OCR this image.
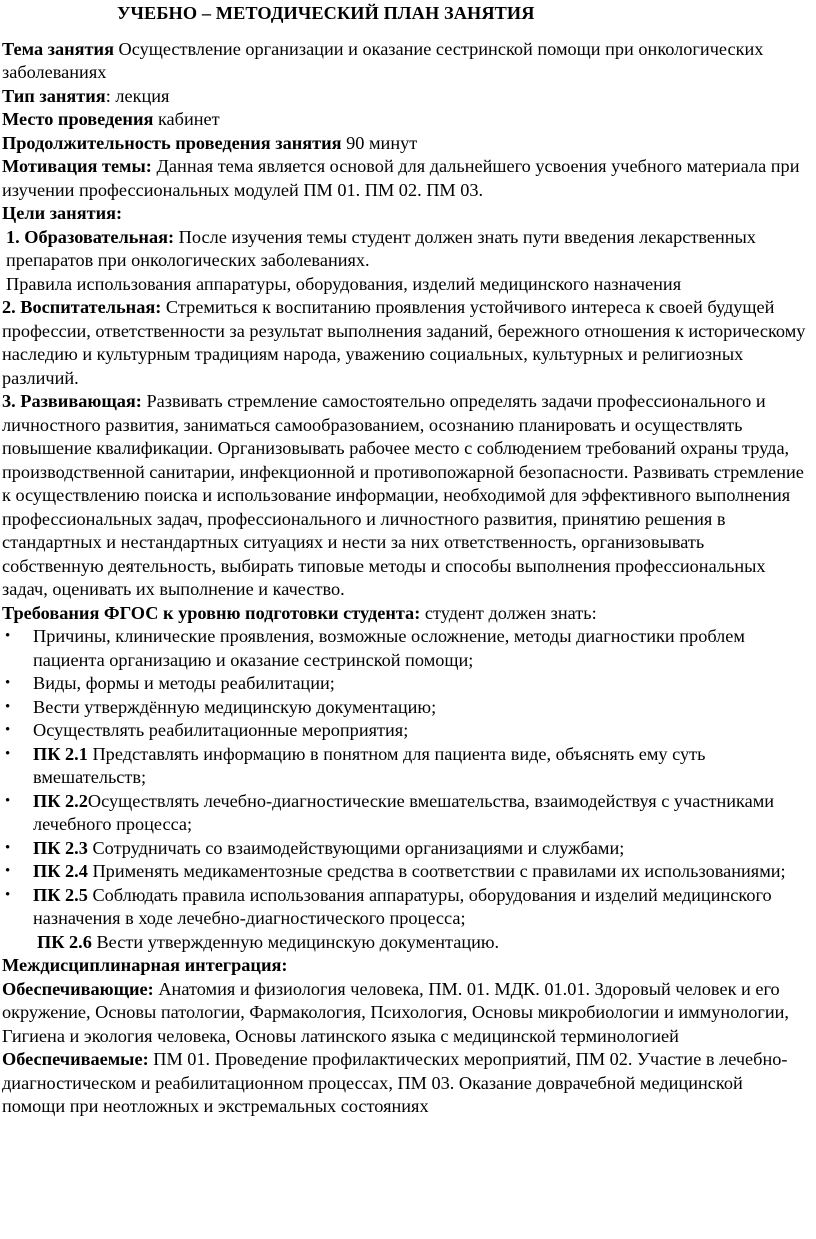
УЧЕБНО – МЕТОДИЧЕСКИЙ ПЛАН ЗАНЯТИЯ

Тема занятия Осуществление организации и оказание сестринской помощи при онкологических заболеваниях

Тип занятия: лекция

Место проведения кабинет

Продолжительность проведения занятия 90 минут

Мотивация темы: Данная тема является основой для дальнейшего усвоения учебного материала при изучении профессиональных модулей ПМ 01. ПМ 02. ПМ 03.

Цели занятия:

1. Образовательная: После изучения темы студент должен знать пути введения лекарственных препаратов при онкологических заболеваниях.

Правила использования аппаратуры, оборудования, изделий медицинского назначения

2. Воспитательная: Стремиться к воспитанию проявления устойчивого интереса к своей будущей профессии, ответственности за результат выполнения заданий, бережного отношения к историческому наследию и культурным традициям народа, уважению социальных, культурных и религиозных различий.

3. Развивающая: Развивать стремление самостоятельно определять задачи профессионального и личностного развития, заниматься самообразованием, осознанию планировать и осуществлять повышение квалификации. Организовывать рабочее место с соблюдением требований охраны труда, производственной санитарии, инфекционной и противопожарной безопасности. Развивать стремление к осуществлению поиска и использование информации, необходимой для эффективного выполнения профессиональных задач, профессионального и личностного развития, принятию решения в стандартных и нестандартных ситуациях и нести за них ответственность, организовывать собственную деятельность, выбирать типовые методы и способы выполнения профессиональных задач, оценивать их выполнение и качество.

Требования ФГОС к уровню подготовки студента: студент должен знать:

• Причины, клинические проявления, возможные осложнение, методы диагностики проблем пациента организацию и оказание сестринской помощи;
• Виды, формы и методы реабилитации;
• Вести утверждённую медицинскую документацию;
• Осуществлять реабилитационные мероприятия;
• ПК 2.1 Представлять информацию в понятном для пациента виде, объяснять ему суть вмешательств;
• ПК 2.2Осуществлять лечебно-диагностические вмешательства, взаимодействуя с участниками лечебного процесса;
• ПК 2.3 Сотрудничать со взаимодействующими организациями и службами;
• ПК 2.4 Применять медикаментозные средства в соответствии с правилами их использованиями;
• ПК 2.5 Соблюдать правила использования аппаратуры, оборудования и изделий медицинского назначения в ходе лечебно-диагностического процесса;

ПК 2.6 Вести утвержденную медицинскую документацию.

Междисциплинарная интеграция:

Обеспечивающие: Анатомия и физиология человека, ПМ. 01. МДК. 01.01. Здоровый человек и его окружение, Основы патологии, Фармакология, Психология, Основы микробиологии и иммунологии, Гигиена и экология человека, Основы латинского языка с медицинской терминологией

Обеспечиваемые: ПМ 01. Проведение профилактических мероприятий, ПМ 02. Участие в лечебно-диагностическом и реабилитационном процессах, ПМ 03. Оказание доврачебной медицинской помощи при неотложных и экстремальных состояниях
